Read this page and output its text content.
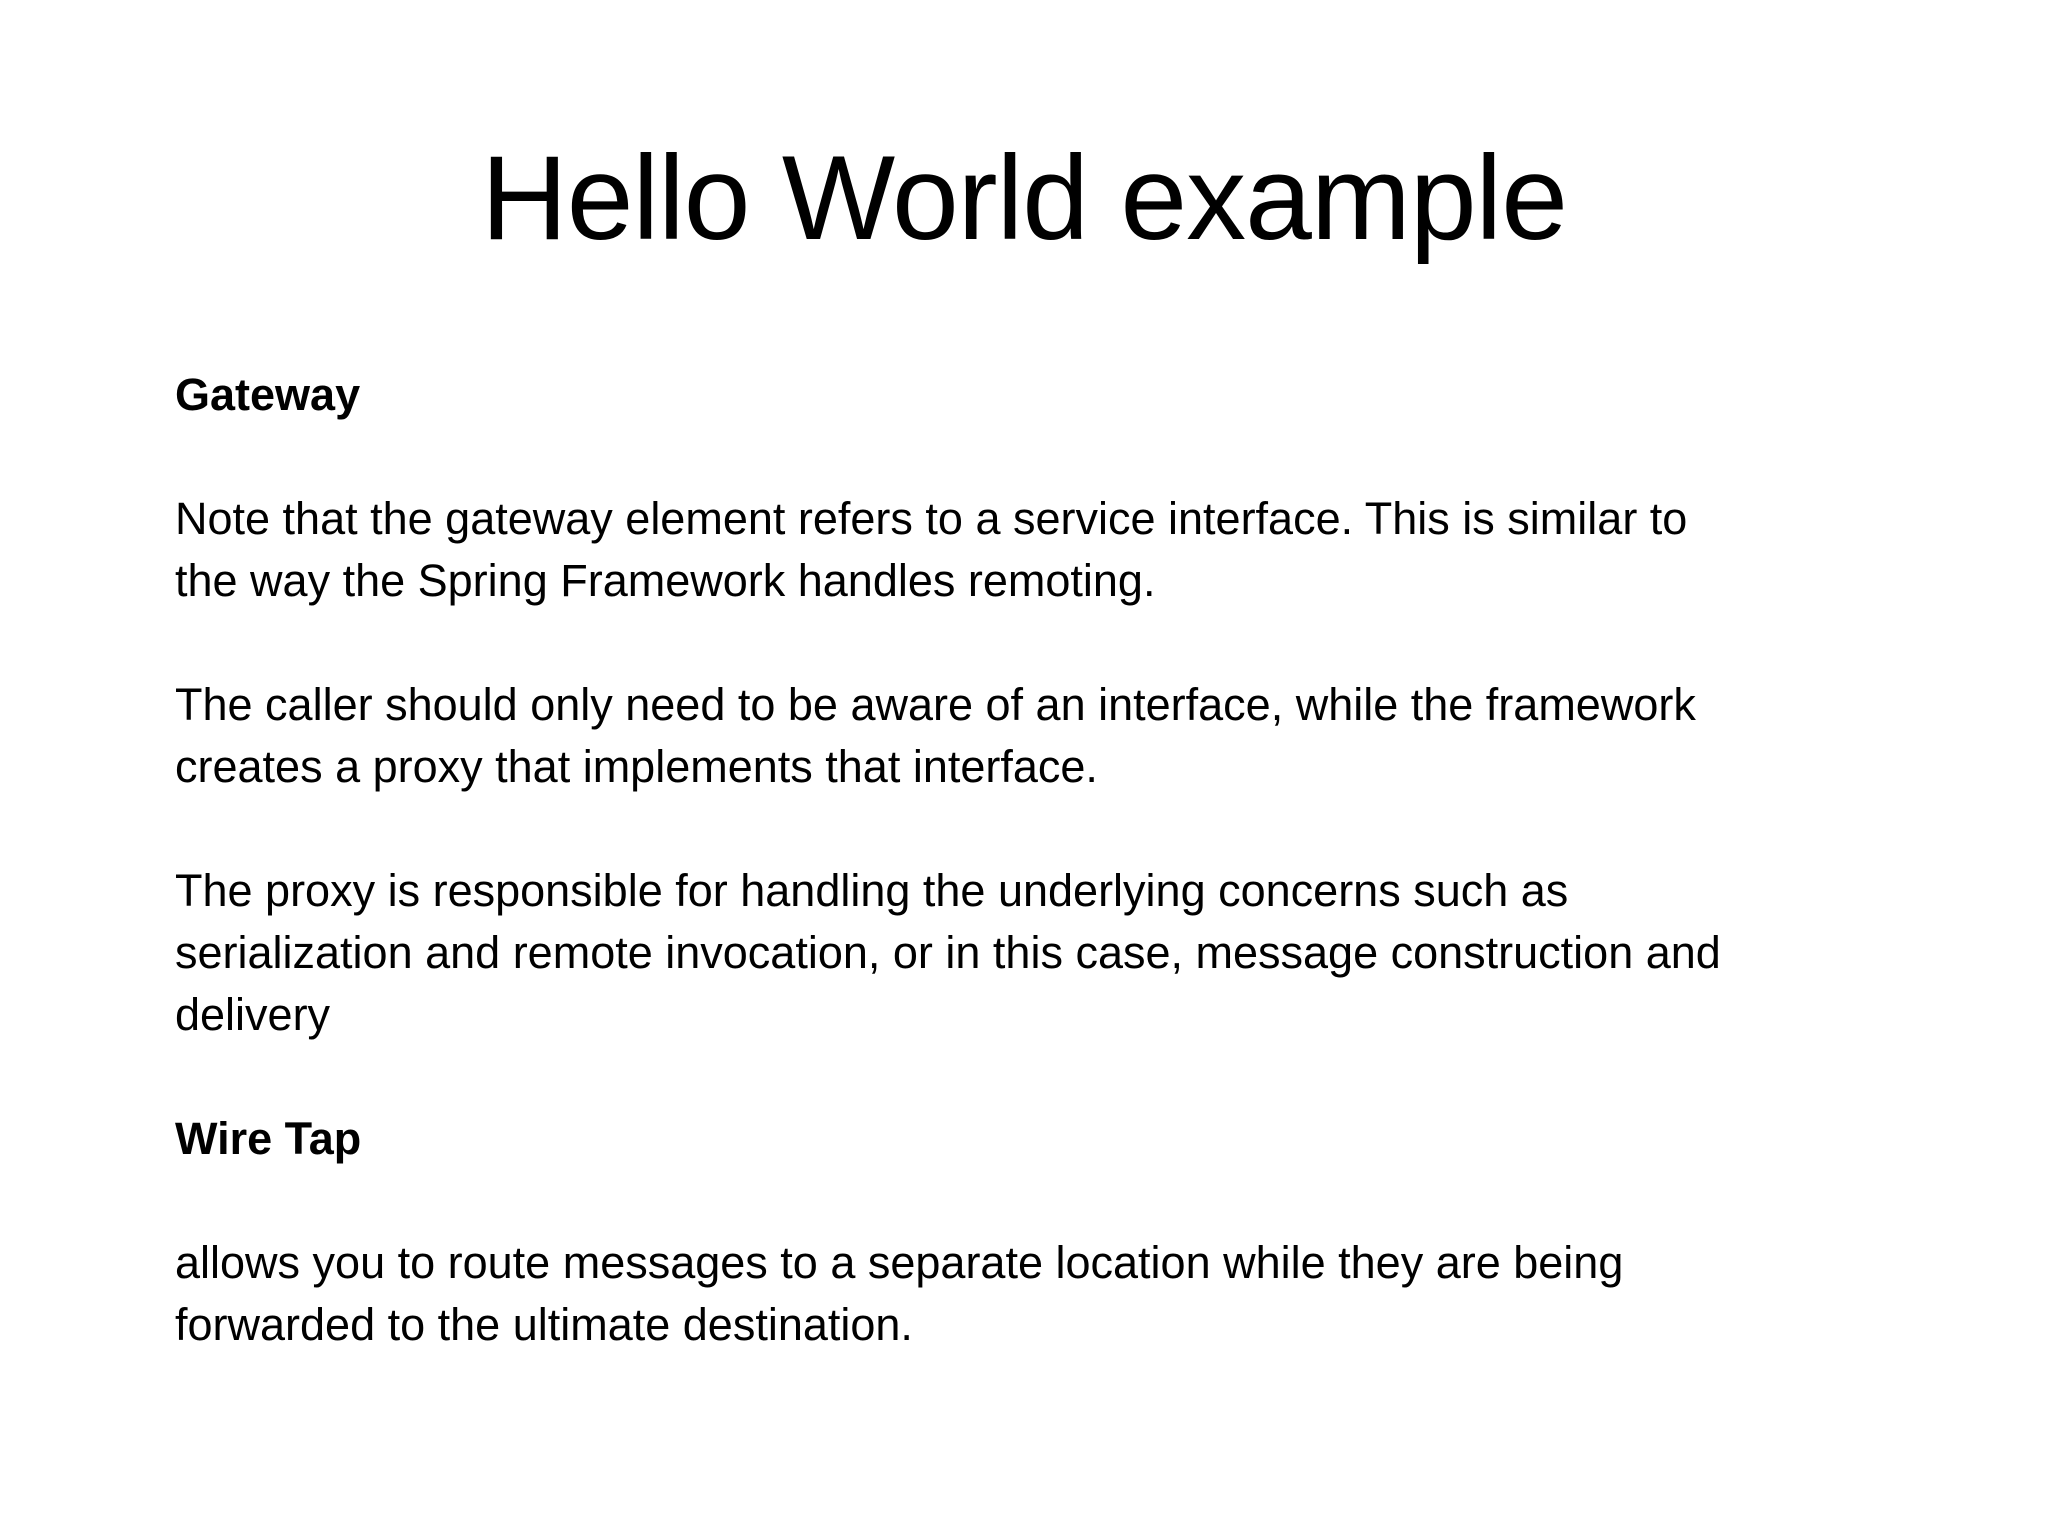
Hello World example

Gateway

Note that the gateway element refers to a service interface. This is similar to
the way the Spring Framework handles remoting.

The caller should only need to be aware of an interface, while the framework
creates a proxy that implements that interface.

The proxy is responsible for handling the underlying concerns such as
serialization and remote invocation, or in this case, message construction and
delivery

Wire Tap

allows you to route messages to a separate location while they are being
forwarded to the ultimate destination.
